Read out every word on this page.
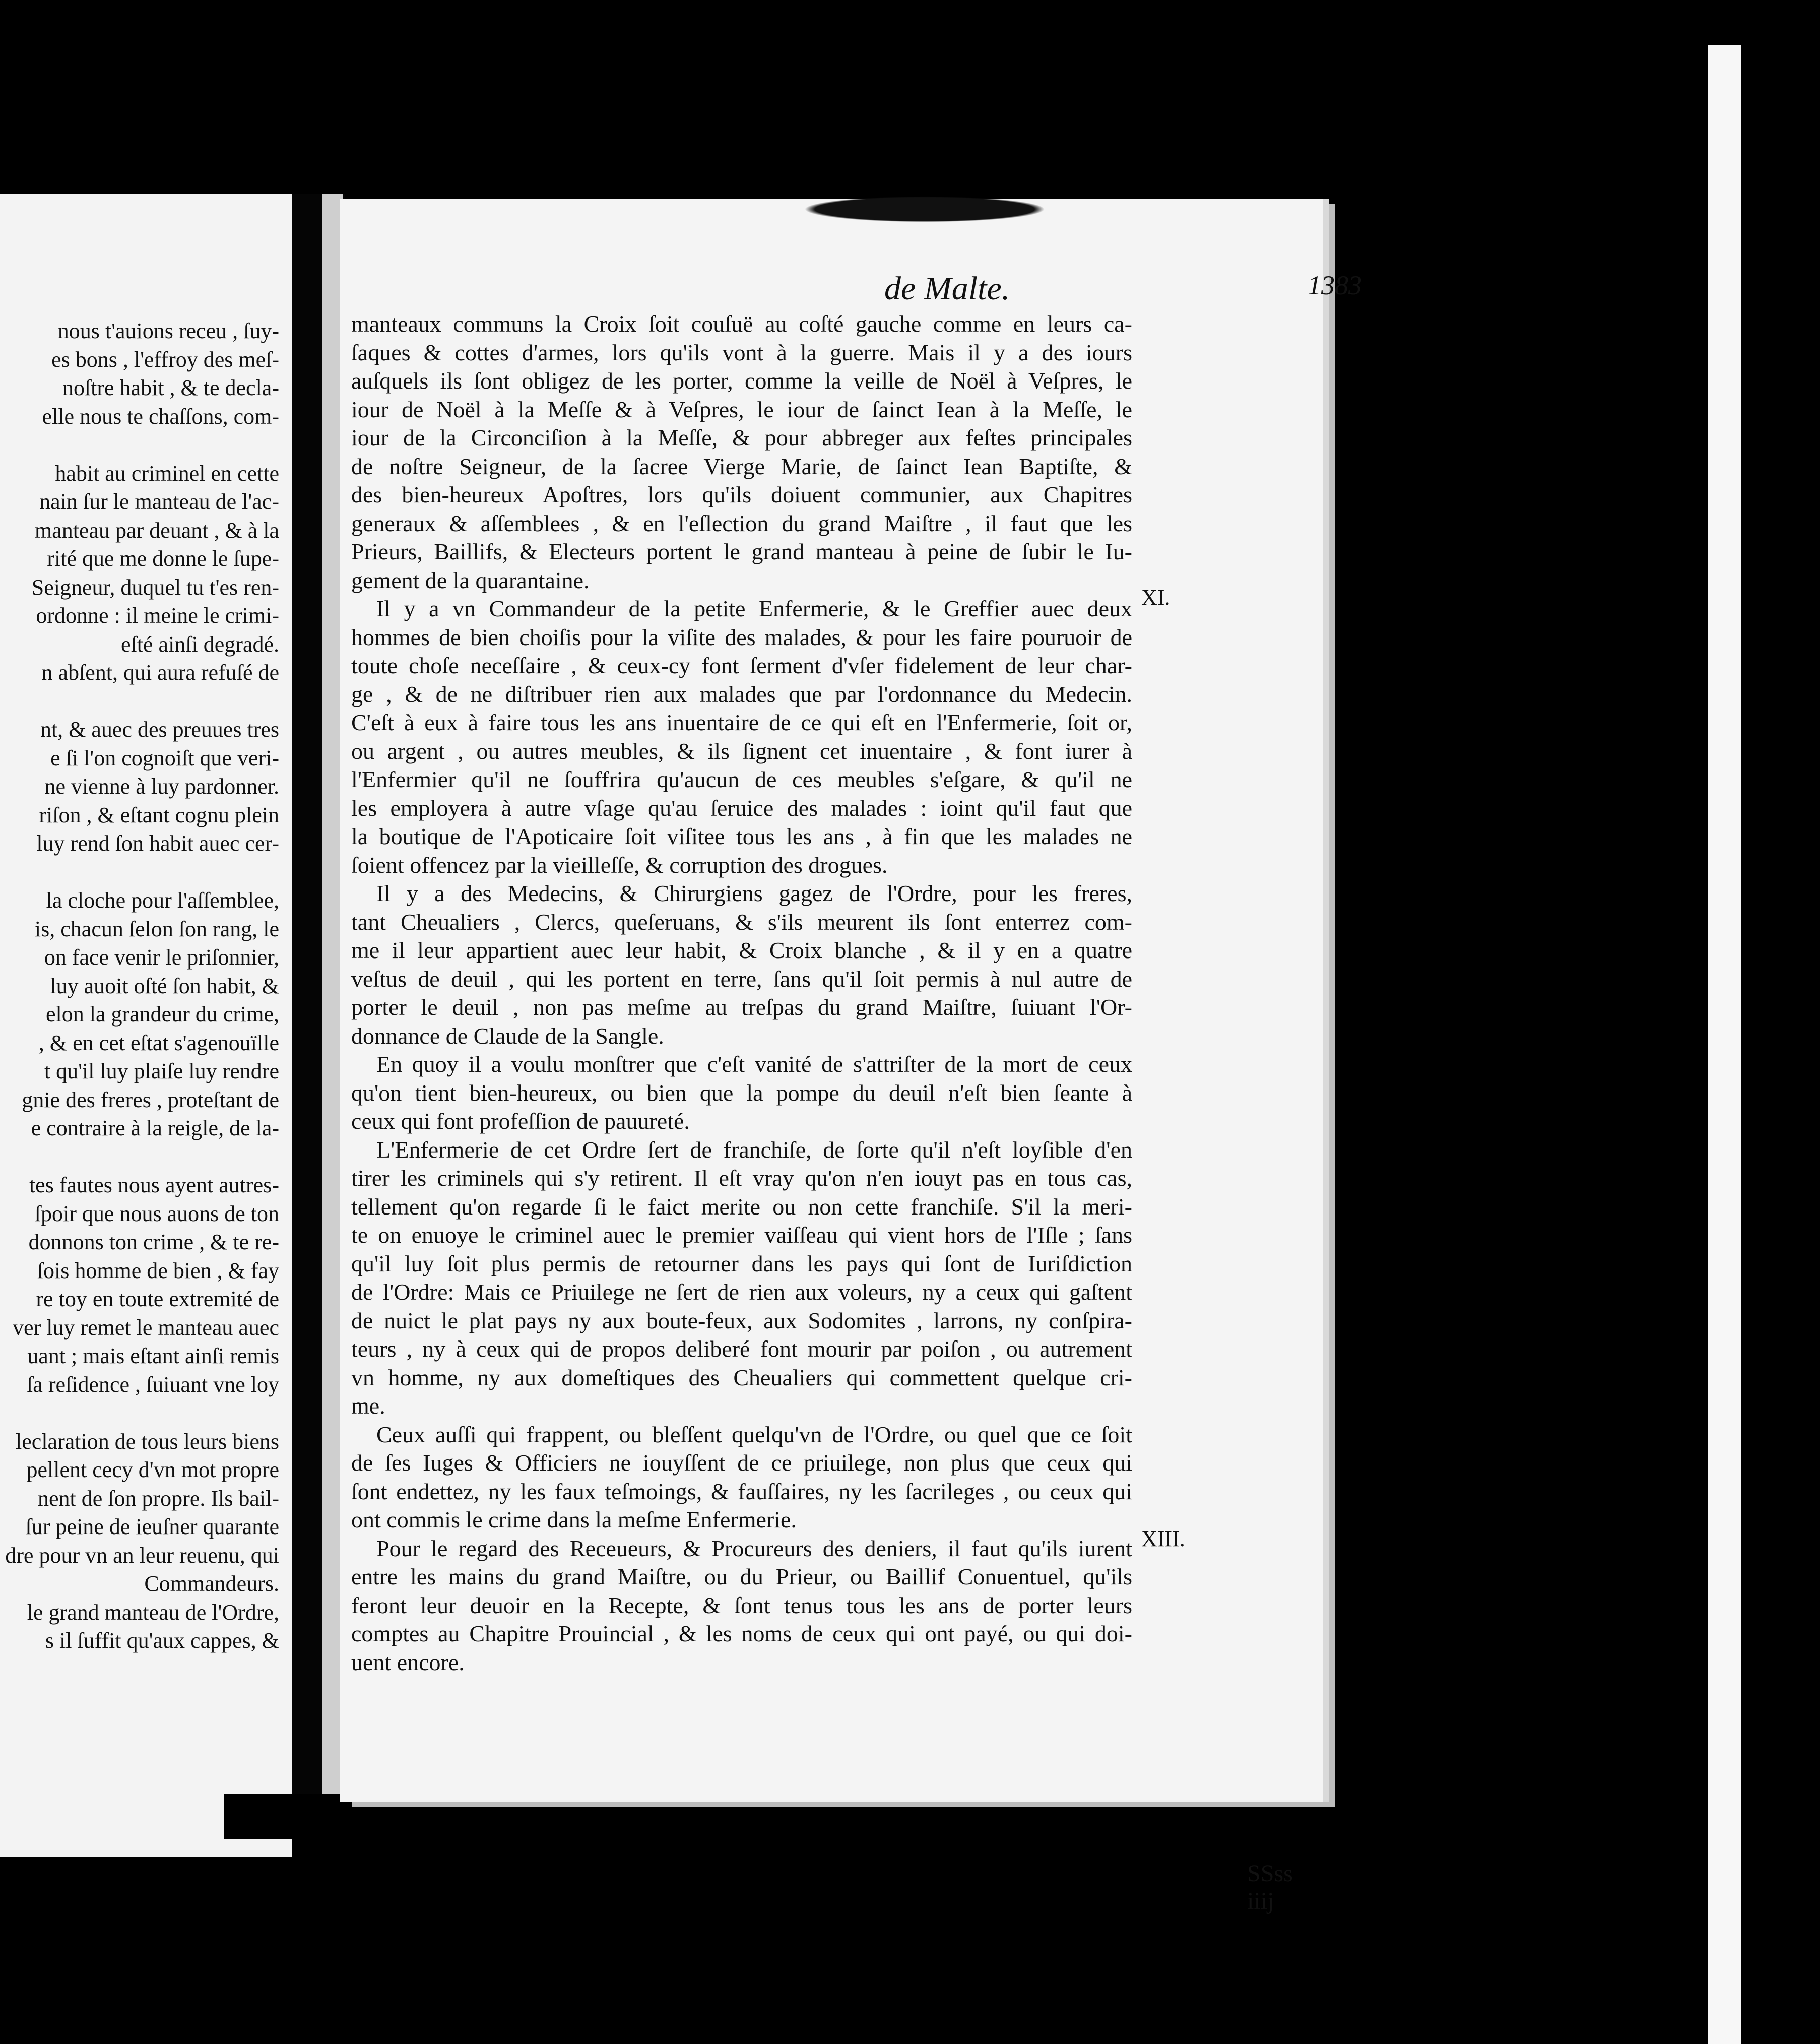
nous t'auions receu , ſuy-
es bons , l'effroy des meſ-
noſtre habit , & te decla-
elle nous te chaſſons, com-
habit au criminel en cette
nain ſur le manteau de l'ac-
manteau par deuant , & à la
rité que me donne le ſupe-
Seigneur, duquel tu t'es ren-
ordonne : il meine le crimi-
eſté ainſi degradé.
n abſent, qui aura refuſé de
nt, & auec des preuues tres
e ſi l'on cognoiſt que veri-
ne vienne à luy pardonner.
riſon , & eſtant cognu plein
luy rend ſon habit auec cer-
la cloche pour l'aſſemblee,
is, chacun ſelon ſon rang, le
on face venir le priſonnier,
luy auoit oſté ſon habit, &
elon la grandeur du crime,
, & en cet eſtat s'agenouïlle
t qu'il luy plaiſe luy rendre
gnie des freres , proteſtant de
e contraire à la reigle, de la-
tes fautes nous ayent autres-
ſpoir que nous auons de ton
donnons ton crime , & te re-
ſois homme de bien , & fay
re toy en toute extremité de
ver luy remet le manteau auec
uant ; mais eſtant ainſi remis
ſa reſidence , ſuiuant vne loy
leclaration de tous leurs biens
pellent cecy d'vn mot propre
nent de ſon propre. Ils bail-
ſur peine de ieuſner quarante
dre pour vn an leur reuenu, qui
Commandeurs.
le grand manteau de l'Ordre,
s il ſuffit qu'aux cappes, &
de Malte.	1383
manteaux communs la Croix ſoit couſuë au coſté gauche comme en leurs ca-
ſaques & cottes d'armes, lors qu'ils vont à la guerre. Mais il y a des iours
auſquels ils ſont obligez de les porter, comme la veille de Noël à Veſpres, le
iour de Noël à la Meſſe & à Veſpres, le iour de ſainct Iean à la Meſſe, le
iour de la Circonciſion à la Meſſe, & pour abbreger aux feſtes principales
de noſtre Seigneur, de la ſacree Vierge Marie, de ſainct Iean Baptiſte, &
des bien-heureux Apoſtres, lors qu'ils doiuent communier, aux Chapitres
generaux & aſſemblees , & en l'eſlection du grand Maiſtre , il faut que les
Prieurs, Baillifs, & Electeurs portent le grand manteau à peine de ſubir le Iu-
gement de la quarantaine.
Il y a vn Commandeur de la petite Enfermerie, & le Greffier auec deux
hommes de bien choiſis pour la viſite des malades, & pour les faire pouruoir de
toute choſe neceſſaire , & ceux-cy font ſerment d'vſer fidelement de leur char-
ge , & de ne diſtribuer rien aux malades que par l'ordonnance du Medecin.
C'eſt à eux à faire tous les ans inuentaire de ce qui eſt en l'Enfermerie, ſoit or,
ou argent , ou autres meubles, & ils ſignent cet inuentaire , & font iurer à
l'Enfermier qu'il ne ſouffrira qu'aucun de ces meubles s'eſgare, & qu'il ne
les employera à autre vſage qu'au ſeruice des malades : ioint qu'il faut que
la boutique de l'Apoticaire ſoit viſitee tous les ans , à fin que les malades ne
ſoient offencez par la vieilleſſe, & corruption des drogues.
Il y a des Medecins, & Chirurgiens gagez de l'Ordre, pour les freres,
tant Cheualiers , Clercs, queſeruans, & s'ils meurent ils ſont enterrez com-
me il leur appartient auec leur habit, & Croix blanche , & il y en a quatre
veſtus de deuil , qui les portent en terre, ſans qu'il ſoit permis à nul autre de
porter le deuil , non pas meſme au treſpas du grand Maiſtre, ſuiuant l'Or-
donnance de Claude de la Sangle.
En quoy il a voulu monſtrer que c'eſt vanité de s'attriſter de la mort de ceux
qu'on tient bien-heureux, ou bien que la pompe du deuil n'eſt bien ſeante à
ceux qui font profeſſion de pauureté.
L'Enfermerie de cet Ordre ſert de franchiſe, de ſorte qu'il n'eſt loyſible d'en
tirer les criminels qui s'y retirent. Il eſt vray qu'on n'en iouyt pas en tous cas,
tellement qu'on regarde ſi le faict merite ou non cette franchiſe. S'il la meri-
te on enuoye le criminel auec le premier vaiſſeau qui vient hors de l'Iſle ; ſans
qu'il luy ſoit plus permis de retourner dans les pays qui ſont de Iuriſdiction
de l'Ordre: Mais ce Priuilege ne ſert de rien aux voleurs, ny a ceux qui gaſtent
de nuict le plat pays ny aux boute-feux, aux Sodomites , larrons, ny conſpira-
teurs , ny à ceux qui de propos deliberé font mourir par poiſon , ou autrement
vn homme, ny aux domeſtiques des Cheualiers qui commettent quelque cri-
me.
Ceux auſſi qui frappent, ou bleſſent quelqu'vn de l'Ordre, ou quel que ce ſoit
de ſes Iuges & Officiers ne iouyſſent de ce priuilege, non plus que ceux qui
ſont endettez, ny les faux teſmoings, & fauſſaires, ny les ſacrileges , ou ceux qui
ont commis le crime dans la meſme Enfermerie.
Pour le regard des Receueurs, & Procureurs des deniers, il faut qu'ils iurent
entre les mains du grand Maiſtre, ou du Prieur, ou Baillif Conuentuel, qu'ils
feront leur deuoir en la Recepte, & ſont tenus tous les ans de porter leurs
comptes au Chapitre Prouincial , & les noms de ceux qui ont payé, ou qui doi-
uent encore.
SSss iiij
XI.
XIII.
